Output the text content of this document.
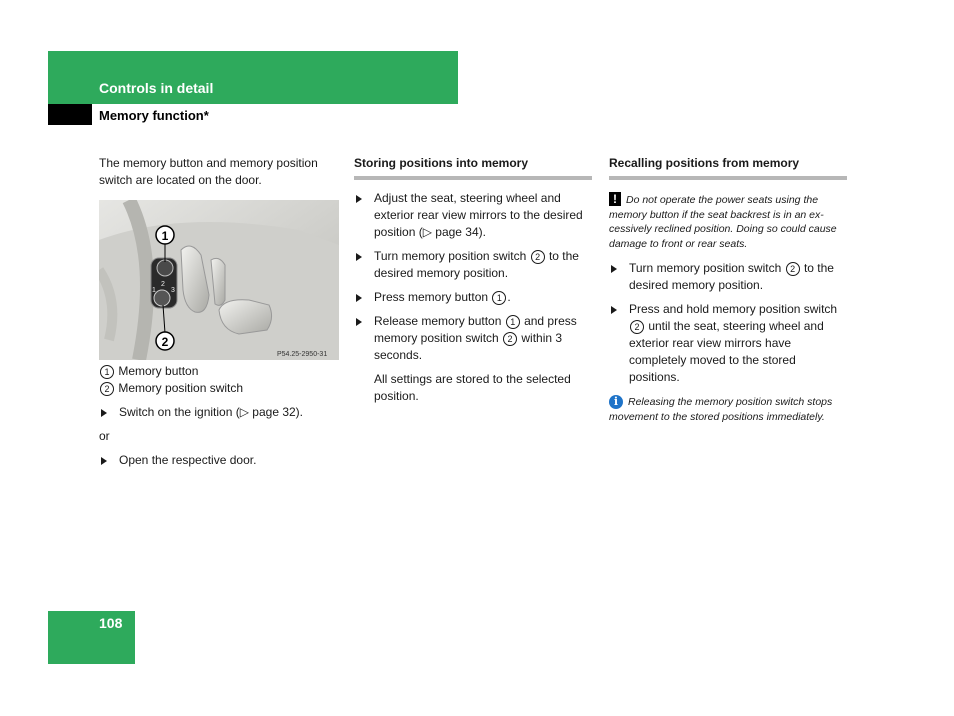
Controls in detail
Memory function*

The memory button and memory position switch are located on the door.

1
2
3
1
2
P54.25-2950-31

1 Memory button

2 Memory position switch

Switch on the ignition (▷ page 32).

or

Open the respective door.

Storing positions into memory

Adjust the seat, steering wheel and exterior rear view mirrors to the desired position (▷ page 34).

Turn memory position switch 2 to the desired memory position.

Press memory button 1 .

Release memory button 1 and press memory position switch 2 within 3 seconds.

All settings are stored to the selected position.

Recalling positions from memory

! Do not operate the power seats using the memory button if the seat backrest is in an ex-cessively reclined position. Doing so could cause damage to front or rear seats.

Turn memory position switch 2 to the desired memory position.

Press and hold memory position switch 2 until the seat, steering wheel and exterior rear view mirrors have completely moved to the stored positions.

i Releasing the memory position switch stops movement to the stored positions immediately.

108
